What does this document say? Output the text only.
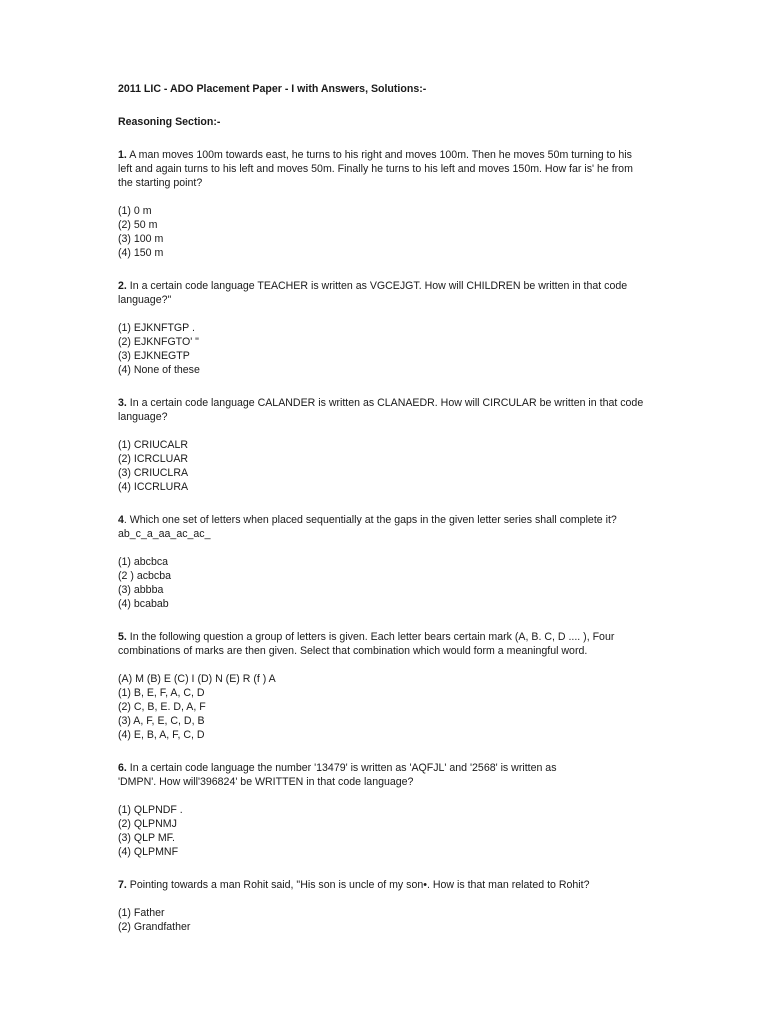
2011 LIC - ADO Placement Paper - I with Answers, Solutions:-

Reasoning Section:-

1. A man moves 100m towards east, he turns to his right and moves 100m. Then he moves 50m turning to his
left and again turns to his left and moves 50m. Finally he turns to his left and moves 150m. How far is' he from
the starting point?

(1) 0 m

(2) 50 m

(3) 100 m

(4) 150 m

2. In a certain code language TEACHER is written as VGCEJGT. How will CHILDREN be written in that code
language?"

(1) EJKNFTGP .

(2) EJKNFGTO' "

(3) EJKNEGTP

(4) None of these

3. In a certain code language CALANDER is written as CLANAEDR. How will CIRCULAR be written in that code
language?

(1) CRIUCALR

(2) ICRCLUAR

(3) CRIUCLRA

(4) ICCRLURA

4. Which one set of letters when placed sequentially at the gaps in the given letter series shall complete it?

ab_c_a_aa_ac_ac_

(1) abcbca

(2 ) acbcba

(3) abbba

(4) bcabab

5. In the following question a group of letters is given. Each letter bears certain mark (A, B. C, D .... ), Four
combinations of marks are then given. Select that combination which would form a meaningful word.

(A) M (B) E (C) I (D) N (E) R (f ) A

(1) B, E, F, A, C, D

(2) C, B, E. D, A, F

(3) A, F, E, C, D, B

(4) E, B, A, F, C, D

6. In a certain code language the number '13479' is written as 'AQFJL' and '2568' is written as
'DMPN'. How will'396824' be WRITTEN in that code language?

(1) QLPNDF .

(2) QLPNMJ

(3) QLP MF.

(4) QLPMNF

7. Pointing towards a man Rohit said, "His son is uncle of my son•. How is that man related to Rohit?

(1) Father

(2) Grandfather
